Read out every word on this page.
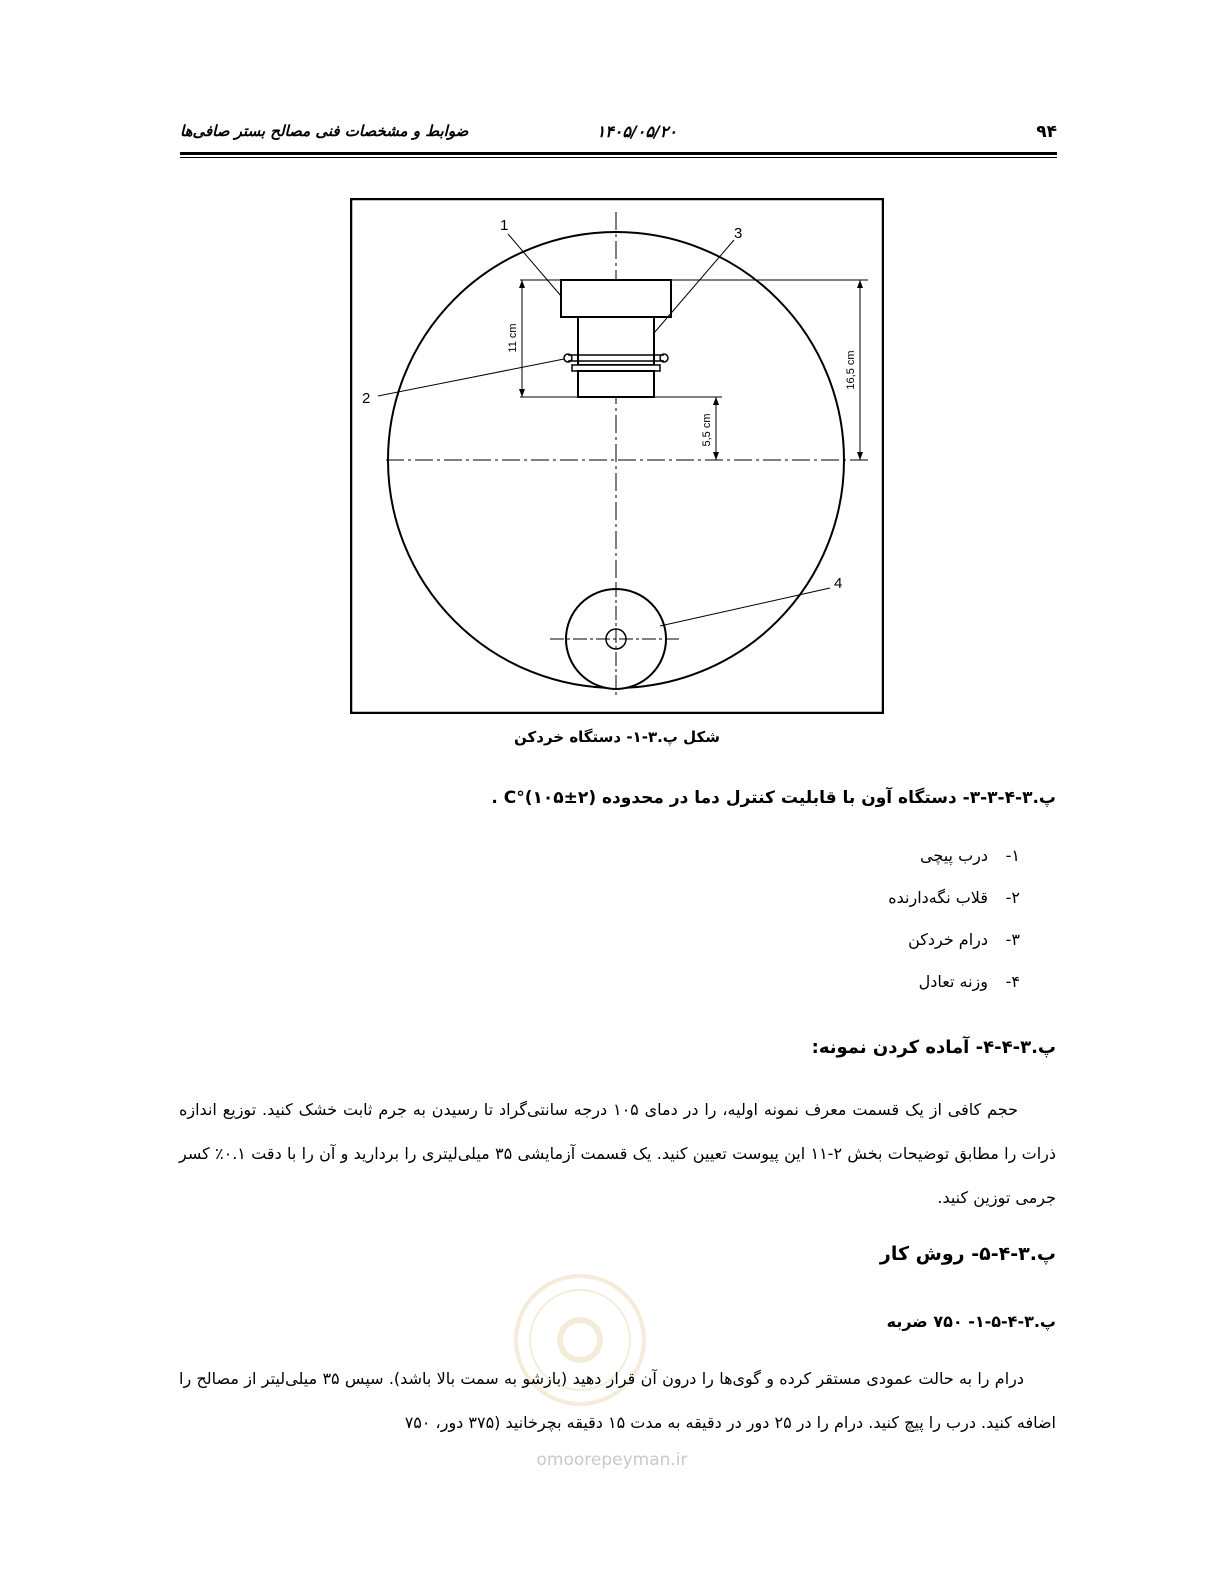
۹۴
۱۴۰۵/۰۵/۲۰
ضوابط و مشخصات فنی مصالح بستر صافی‌ها
11 cm
16,5 cm
5,5 cm
1
2
3
4
شکل پ.۳-۱- دستگاه خردکن
پ.۳-۴-۳-۳- دستگاه آون با قابلیت کنترل دما در محدوده (۲±۱۰۵)°C .
۱-درب پیچی
۲-قلاب نگه‌دارنده
۳-درام خردکن
۴-وزنه تعادل
پ.۳-۴-۴- آماده کردن نمونه:
حجم کافی از یک قسمت معرف نمونه اولیه، را در دمای ۱۰۵ درجه سانتی‌گراد تا رسیدن به جرم ثابت خشک کنید. توزیع اندازه ذرات را مطابق توضیحات بخش ۲-۱۱ این پیوست تعیین کنید. یک قسمت آزمایشی ۳۵ میلی‌لیتری را بردارید و آن را با دقت ۰.۱٪ کسر جرمی توزین کنید.
پ.۳-۴-۵- روش کار
پ.۳-۴-۵-۱- ۷۵۰ ضربه
درام را به حالت عمودی مستقر کرده و گوی‌ها را درون آن قرار دهید (بازشو به سمت بالا باشد). سپس ۳۵ میلی‌لیتر از مصالح را اضافه کنید. درب را پیچ کنید. درام را در ۲۵ دور در دقیقه به مدت ۱۵ دقیقه بچرخانید (۳۷۵ دور، ۷۵۰
omoorepeyman.ir
